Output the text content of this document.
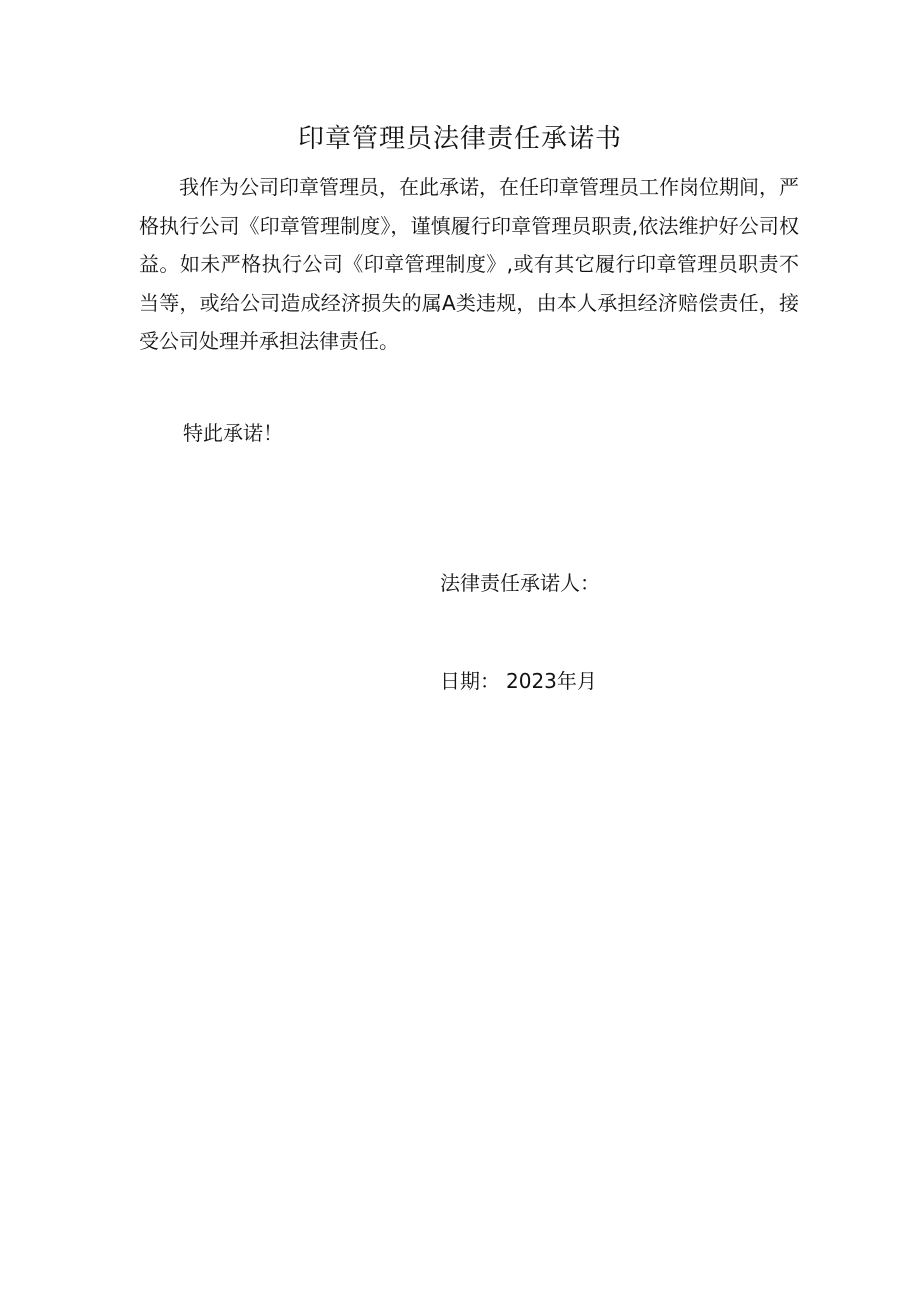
印章管理员法律责任承诺书

我作为公司印章管理员，在此承诺，在任印章管理员工作岗位期间，严格执行公司《印章管理制度》，谨慎履行印章管理员职责,依法维护好公司权益。如未严格执行公司《印章管理制度》,或有其它履行印章管理员职责不当等，或给公司造成经济损失的属A类违规，由本人承担经济赔偿责任，接受公司处理并承担法律责任。

特此承诺！
法律责任承诺人：
日期： 2023年月
